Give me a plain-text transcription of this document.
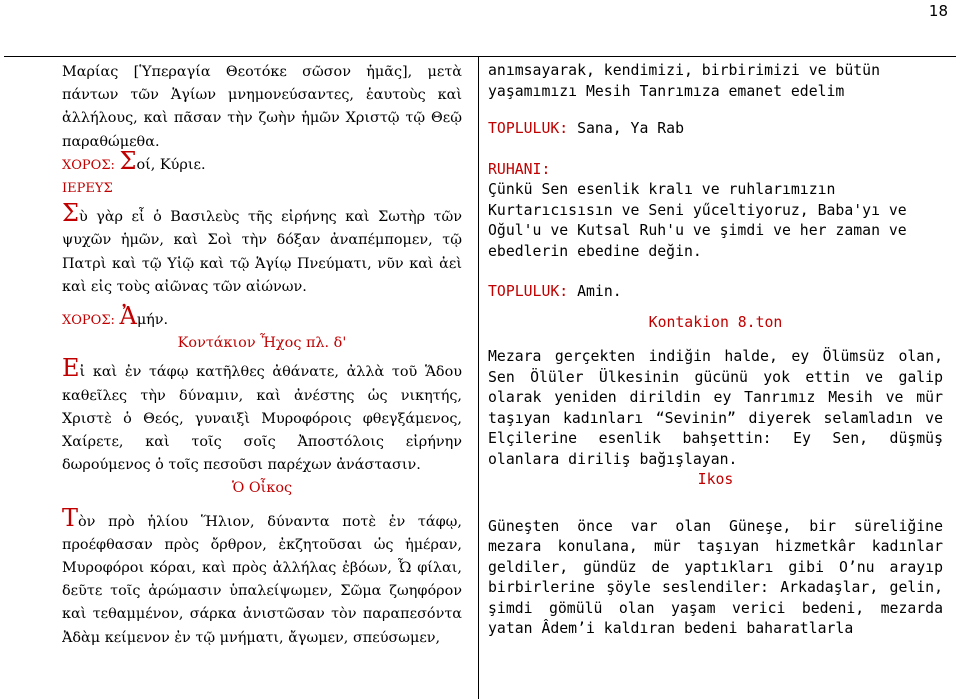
18

Μαρίας [Ὑπεραγία Θεοτόκε σῶσον ἡμᾶς], μετὰ πάντων τῶν Ἁγίων μνημονεύσαντες, ἑαυτοὺς καὶ ἀλλήλους, καὶ πᾶσαν τὴν ζωὴν ἡμῶν Χριστῷ τῷ Θεῷ παραθώμεθα.

ΧΟΡΟΣ: Σοί, Κύριε.

ΙΕΡΕΥΣ

Σὺ γὰρ εἶ ὁ Βασιλεὺς τῆς εἰρήνης καὶ Σωτὴρ τῶν ψυχῶν ἡμῶν, καὶ Σοὶ τὴν δόξαν ἀναπέμπομεν, τῷ Πατρὶ καὶ τῷ Υἱῷ καὶ τῷ Ἁγίῳ Πνεύματι, νῦν καὶ ἀεὶ καὶ εἰς τοὺς αἰῶνας τῶν αἰώνων.

ΧΟΡΟΣ: Ἀμήν.

Κοντάκιον Ἦχος πλ. δ'

Εἰ καὶ ἐν τάφῳ κατῆλθες ἀθάνατε, ἀλλὰ τοῦ Ἅδου καθεῖλες τὴν δύναμιν, καὶ ἀνέστης ὡς νικητής, Χριστὲ ὁ Θεός, γυναιξὶ Μυροφόροις φθεγξάμενος, Χαίρετε, καὶ τοῖς σοῖς Ἀποστόλοις εἰρήνην δωρούμενος ὁ τοῖς πεσοῦσι παρέχων ἀνάστασιν.

Ὁ Οἶκος

Τὸν πρὸ ἡλίου Ἥλιον, δύναντα ποτὲ ἐν τάφῳ, προέφθασαν πρὸς ὄρθρον, ἐκζητοῦσαι ὡς ἡμέραν, Μυροφόροι κόραι, καὶ πρὸς ἀλλήλας ἐβόων, Ὦ φίλαι, δεῦτε τοῖς ἀρώμασιν ὑπαλείψωμεν, Σῶμα ζωηφόρον καὶ τεθαμμένον, σάρκα ἀνιστῶσαν τὸν παραπεσόντα Ἀδὰμ κείμενον ἐν τῷ μνήματι, ἄγωμεν, σπεύσωμεν,

anımsayarak, kendimizi, birbirimizi ve bütün yaşamımızı Mesih Tanrımıza emanet edelim

TOPLULUK: Sana, Ya Rab

RUHANI:

Çünkü Sen esenlik kralı ve ruhlarımızın Kurtarıcısısın ve Seni yűceltiyoruz, Baba'yı ve Oğul'u ve Kutsal Ruh'u ve şimdi ve her zaman ve ebedlerin ebedine değin.

TOPLULUK: Amin.

Kontakion 8.ton

Mezara gerçekten indiğin halde, ey Ölümsüz olan, Sen Ölüler Ülkesinin gücünü yok ettin ve galip olarak yeniden dirildin ey Tanrımız Mesih ve mür taşıyan kadınları “Sevinin” diyerek selamladın ve Elçilerine esenlik bahşettin: Ey Sen, düşmüş olanlara diriliş bağışlayan.

Ikos

Güneşten önce var olan Güneşe, bir süreliğine mezara konulana, mür taşıyan hizmetkâr kadınlar geldiler, gündüz de yaptıkları gibi O’nu arayıp birbirlerine şöyle seslendiler: Arkadaşlar, gelin, şimdi gömülü olan yaşam verici bedeni, mezarda yatan Âdem’i kaldıran bedeni baharatlarla
